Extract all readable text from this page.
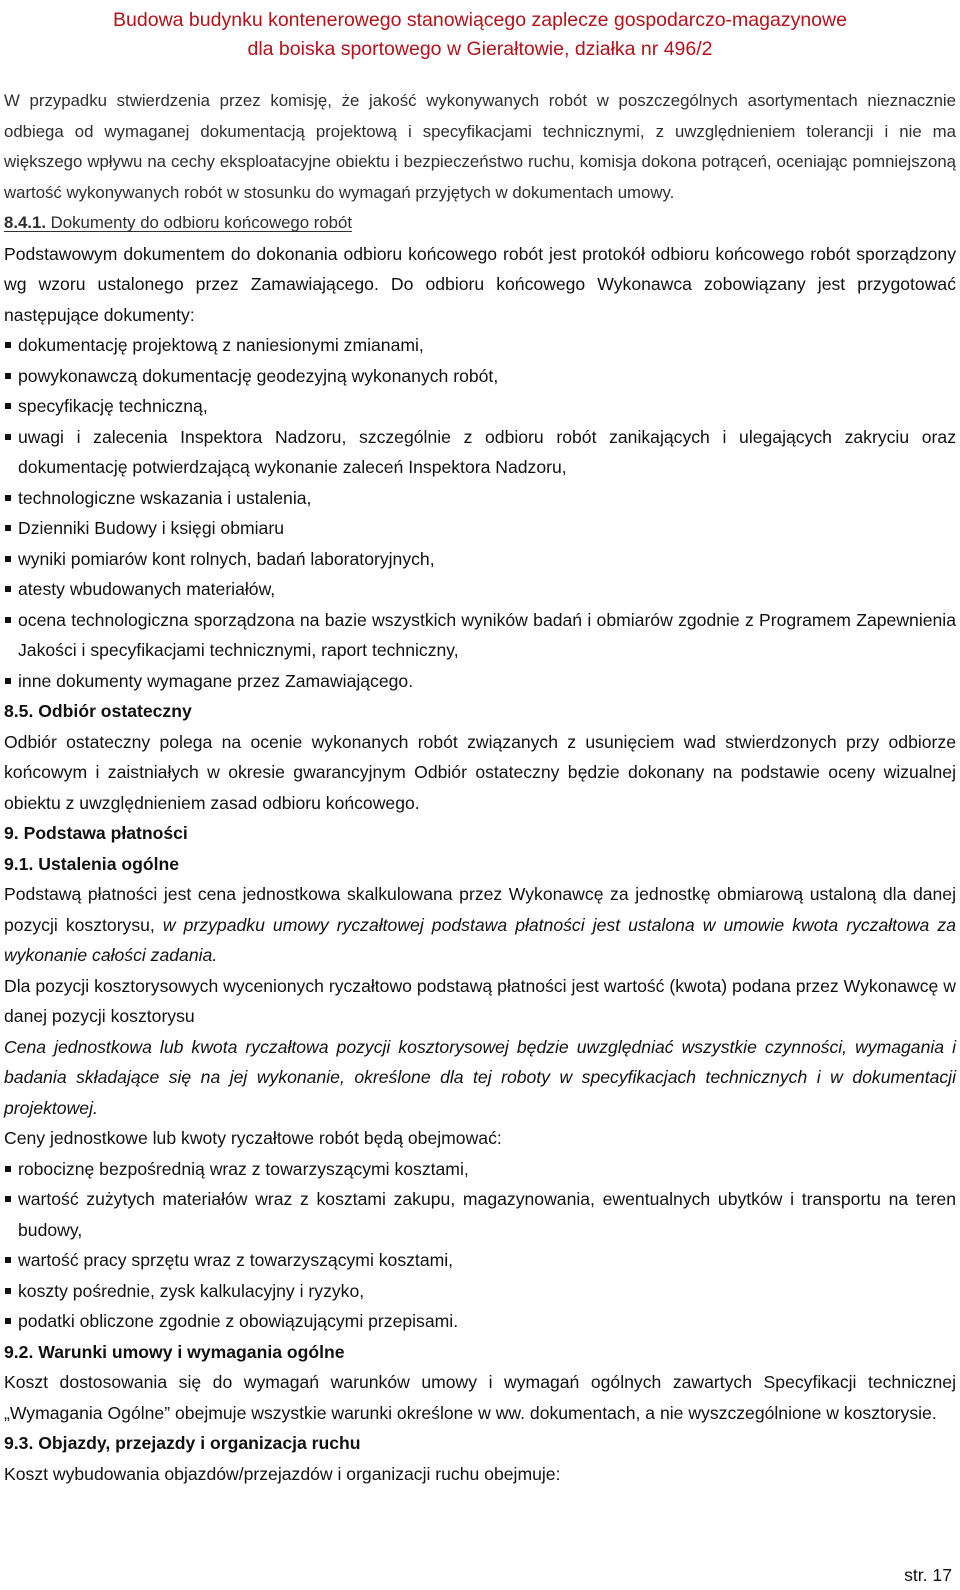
Budowa budynku kontenerowego stanowiącego zaplecze gospodarczo-magazynowe
dla boiska sportowego w Gierałtowie, działka nr 496/2

W przypadku stwierdzenia przez komisję, że jakość wykonywanych robót w poszczególnych asortymentach nieznacznie odbiega od wymaganej dokumentacją projektową i specyfikacjami technicznymi, z uwzględnieniem tolerancji i nie ma większego wpływu na cechy eksploatacyjne obiektu i bezpieczeństwo ruchu, komisja dokona potrąceń, oceniając pomniejszoną wartość wykonywanych robót w stosunku do wymagań przyjętych w dokumentach umowy.

8.4.1. Dokumenty do odbioru końcowego robót

Podstawowym dokumentem do dokonania odbioru końcowego robót jest protokół odbioru końcowego robót sporządzony wg wzoru ustalonego przez Zamawiającego. Do odbioru końcowego Wykonawca zobowiązany jest przygotować następujące dokumenty:

dokumentację projektową z naniesionymi zmianami,
powykonawczą dokumentację geodezyjną wykonanych robót,
specyfikację techniczną,
uwagi i zalecenia Inspektora Nadzoru, szczególnie z odbioru robót zanikających i ulegających zakryciu oraz dokumentację potwierdzającą wykonanie zaleceń Inspektora Nadzoru,
technologiczne wskazania i ustalenia,
Dzienniki Budowy i księgi obmiaru
wyniki pomiarów kont rolnych, badań laboratoryjnych,
atesty wbudowanych materiałów,
ocena technologiczna sporządzona na bazie wszystkich wyników badań i obmiarów zgodnie z Programem Zapewnienia Jakości i specyfikacjami technicznymi, raport techniczny,
inne dokumenty wymagane przez Zamawiającego.

8.5. Odbiór ostateczny

Odbiór ostateczny polega na ocenie wykonanych robót związanych z usunięciem wad stwierdzonych przy odbiorze końcowym i zaistniałych w okresie gwarancyjnym Odbiór ostateczny będzie dokonany na podstawie oceny wizualnej obiektu z uwzględnieniem zasad odbioru końcowego.

9. Podstawa płatności

9.1. Ustalenia ogólne

Podstawą płatności jest cena jednostkowa skalkulowana przez Wykonawcę za jednostkę obmiarową ustaloną dla danej pozycji kosztorysu, w przypadku umowy ryczałtowej podstawa płatności jest ustalona w umowie kwota ryczałtowa za wykonanie całości zadania.

Dla pozycji kosztorysowych wycenionych ryczałtowo podstawą płatności jest wartość (kwota) podana przez Wykonawcę w danej pozycji kosztorysu

Cena jednostkowa lub kwota ryczałtowa pozycji kosztorysowej będzie uwzględniać wszystkie czynności, wymagania i badania składające się na jej wykonanie, określone dla tej roboty w specyfikacjach technicznych i w dokumentacji projektowej.

Ceny jednostkowe lub kwoty ryczałtowe robót będą obejmować:

robociznę bezpośrednią wraz z towarzyszącymi kosztami,
wartość zużytych materiałów wraz z kosztami zakupu, magazynowania, ewentualnych ubytków i transportu na teren budowy,
wartość pracy sprzętu wraz z towarzyszącymi kosztami,
koszty pośrednie, zysk kalkulacyjny i ryzyko,
podatki obliczone zgodnie z obowiązującymi przepisami.

9.2. Warunki umowy i wymagania ogólne

Koszt dostosowania się do wymagań warunków umowy i wymagań ogólnych zawartych Specyfikacji technicznej „Wymagania Ogólne” obejmuje wszystkie warunki określone w ww. dokumentach, a nie wyszczególnione w kosztorysie.

9.3. Objazdy, przejazdy i organizacja ruchu

Koszt wybudowania objazdów/przejazdów i organizacji ruchu obejmuje:

str. 17
